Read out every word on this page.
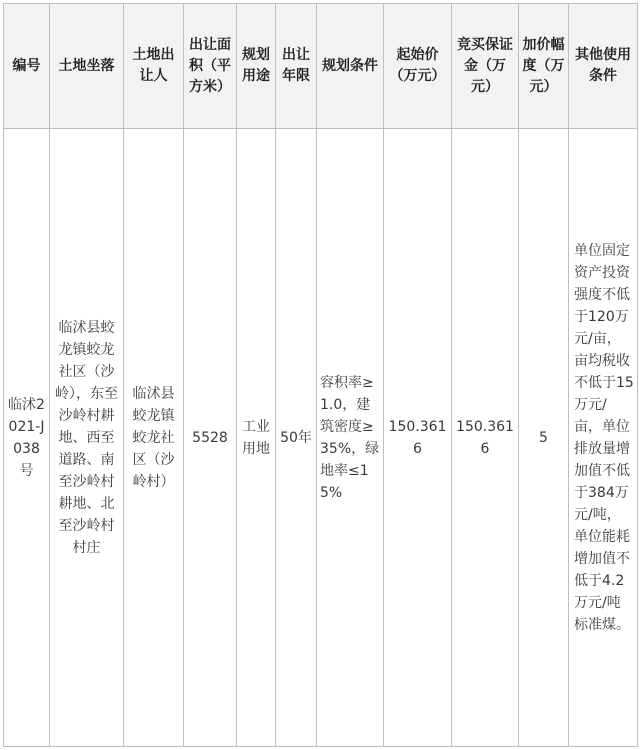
编号	土地坐落	土地出让人	出让面积（平方米）	规划用途	出让年限	规划条件	起始价（万元）	竞买保证金（万元）	加价幅度（万元）	其他使用条件
临沭2021-J038号	临沭县蛟龙镇蛟龙社区（沙岭），东至沙岭村耕地、西至道路、南至沙岭村耕地、北至沙岭村村庄	临沭县蛟龙镇蛟龙社区（沙岭村）	5528	工业用地	50年	容积率≥1.0，建筑密度≥35%，绿地率≤15%	150.3616	150.3616	5	单位固定资产投资强度不低于120万元/亩，亩均税收不低于15万元/亩，单位排放量增加值不低于384万元/吨，单位能耗增加值不低于4.2万元/吨标准煤。
